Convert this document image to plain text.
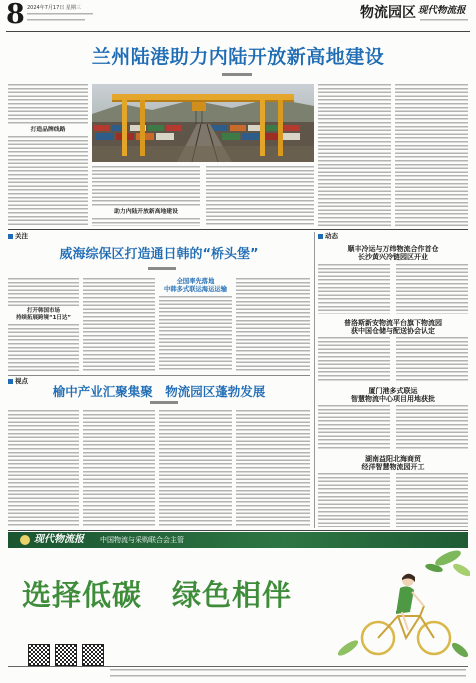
8 2024年7月17日 星期三	物流园区 现代物流报
兰州陆港助力内陆开放新高地建设
打造品牌线路
助力内陆开放新高地建设
关注
威海综保区打造通日韩的“桥头堡”
打开韩国市场
持续拓展跨境“1日达”
全国率先落地
中韩多式联运海运运输
视点
榆中产业汇聚集聚　物流园区蓬勃发展
动态
顺丰冷运与万纬物流合作首仓
长沙黄兴冷链园区开业
普洛斯新安物流平台旗下物流园
获中国仓储与配送协会认定
厦门港多式联运
智慧物流中心项目用地获批
湖南益阳北海商贸
经洋智慧物流园开工
现代物流报 中国物流与采购联合会主管
选择低碳　绿色相伴
